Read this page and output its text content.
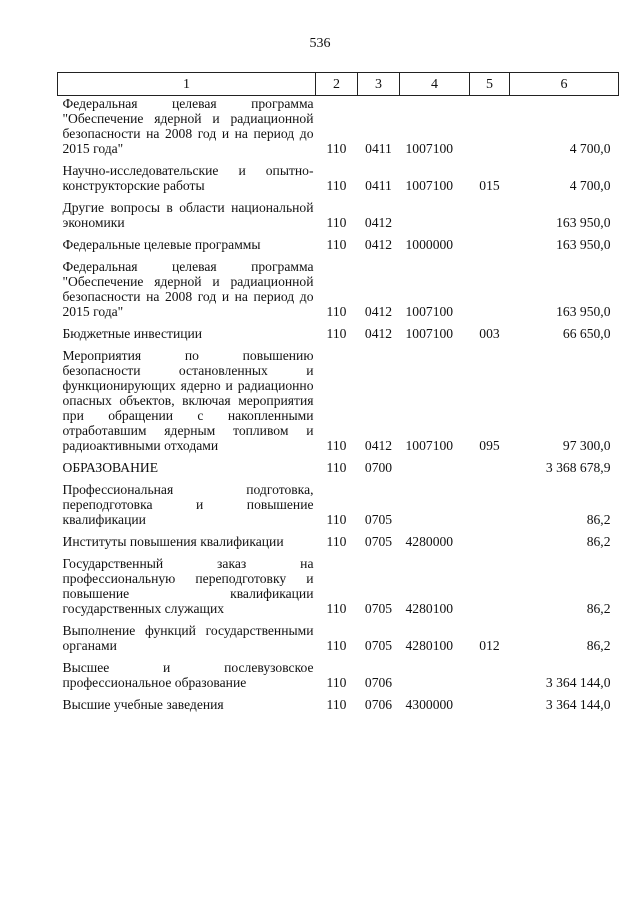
536
1	2	3	4	5	6
Федеральная целевая программа "Обеспечение ядерной и радиационной безопасности на 2008 год и на период до 2015 года"	110	0411	1007100		4 700,0
Научно-исследовательские и опытно-конструкторские работы	110	0411	1007100	015	4 700,0
Другие вопросы в области национальной экономики	110	0412			163 950,0
Федеральные целевые программы	110	0412	1000000		163 950,0
Федеральная целевая программа "Обеспечение ядерной и радиационной безопасности на 2008 год и на период до 2015 года"	110	0412	1007100		163 950,0
Бюджетные инвестиции	110	0412	1007100	003	66 650,0
Мероприятия по повышению безопасности остановленных и функционирующих ядерно и радиационно опасных объектов, включая мероприятия при обращении с накопленными отработавшим ядерным топливом и радиоактивными отходами	110	0412	1007100	095	97 300,0
ОБРАЗОВАНИЕ	110	0700			3 368 678,9
Профессиональная подготовка, переподготовка и повышение квалификации	110	0705			86,2
Институты повышения квалификации	110	0705	4280000		86,2
Государственный заказ на профессиональную переподготовку и повышение квалификации государственных служащих	110	0705	4280100		86,2
Выполнение функций государственными органами	110	0705	4280100	012	86,2
Высшее и послевузовское профессиональное образование	110	0706			3 364 144,0
Высшие учебные заведения	110	0706	4300000		3 364 144,0
